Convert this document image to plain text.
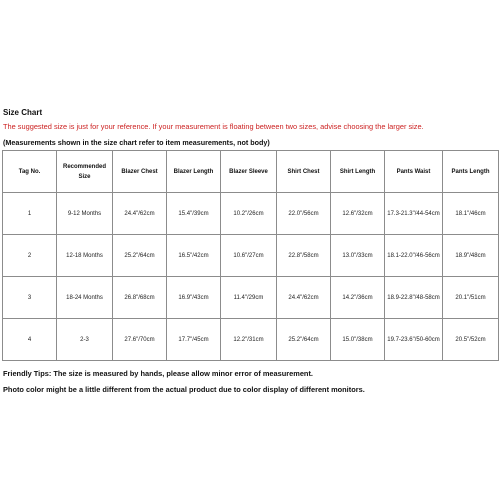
Size Chart
The suggested size is just for your reference. If your measurement is floating between two sizes, advise choosing the larger size.
(Measurements shown in the size chart refer to item measurements, not body)
Tag No.	Recommended Size	Blazer Chest	Blazer Length	Blazer Sleeve	Shirt Chest	Shirt Length	Pants Waist	Pants Length
1	9-12 Months	24.4"/62cm	15.4"/39cm	10.2"/26cm	22.0"/56cm	12.6"/32cm	17.3-21.3"/44-54cm	18.1"/46cm
2	12-18 Months	25.2"/64cm	16.5"/42cm	10.6"/27cm	22.8"/58cm	13.0"/33cm	18.1-22.0"/46-56cm	18.9"/48cm
3	18-24 Months	26.8"/68cm	16.9"/43cm	11.4"/29cm	24.4"/62cm	14.2"/36cm	18.9-22.8"/48-58cm	20.1"/51cm
4	2-3	27.6"/70cm	17.7"/45cm	12.2"/31cm	25.2"/64cm	15.0"/38cm	19.7-23.6"/50-60cm	20.5"/52cm
Friendly Tips: The size is measured by hands, please allow minor error of measurement.
Photo color might be a little different from the actual product due to color display of different monitors.
